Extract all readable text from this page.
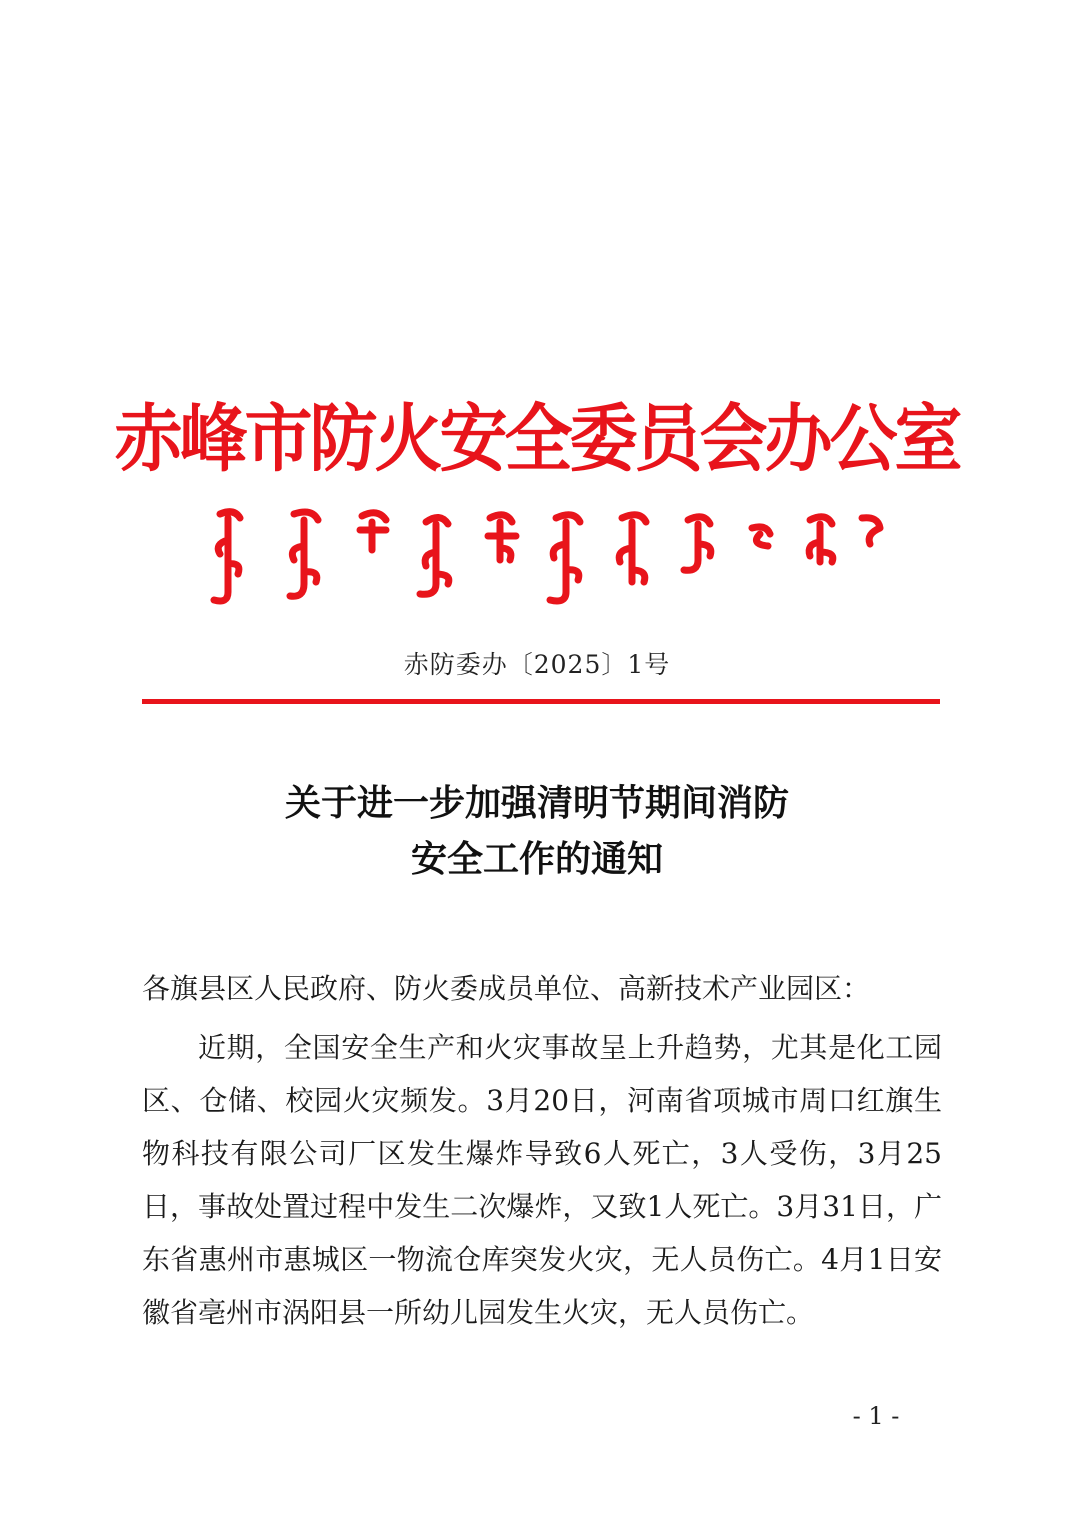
赤峰市防火安全委员会办公室
赤防委办〔2025〕1号
关于进一步加强清明节期间消防
安全工作的通知
各旗县区人民政府、防火委成员单位、高新技术产业园区：
近期，全国安全生产和火灾事故呈上升趋势，尤其是化工园区、仓储、校园火灾频发。3月20日，河南省项城市周口红旗生物科技有限公司厂区发生爆炸导致6人死亡，3人受伤，3月25日，事故处置过程中发生二次爆炸，又致1人死亡。3月31日，广东省惠州市惠城区一物流仓库突发火灾，无人员伤亡。4月1日安徽省亳州市涡阳县一所幼儿园发生火灾，无人员伤亡。
- 1 -
